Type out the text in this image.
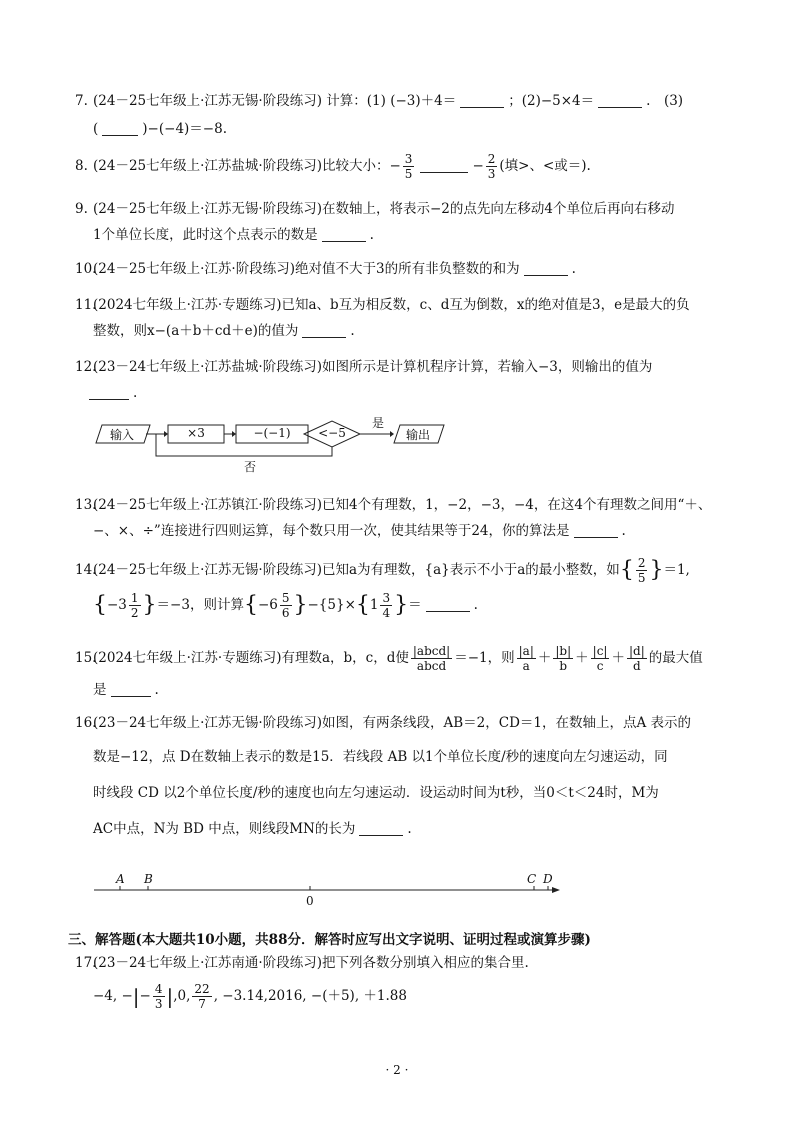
7. (24－25七年级上·江苏无锡·阶段练习) 计算：(1) (−3)＋4＝	；(2)−5×4＝	.　(3)
(	)−(−4)＝−8.
8. (24－25七年级上·江苏盐城·阶段练习)比较大小：− $\frac{3}{5}$	− $\frac{2}{3}$ (填>、<或＝).
9. (24－25七年级上·江苏无锡·阶段练习)在数轴上，将表示−2的点先向左移动4个单位后再向右移动
1个单位长度，此时这个点表示的数是	.
10.(24－25七年级上·江苏·阶段练习)绝对值不大于3的所有非负整数的和为	.
11.(2024七年级上·江苏·专题练习)已知a、b互为相反数，c、d互为倒数，x的绝对值是3，e是最大的负
整数，则x−(a＋b＋cd＋e)的值为	.
12.(23－24七年级上·江苏盐城·阶段练习)如图所示是计算机程序计算，若输入−3，则输出的值为
.
输入	×3	−(−1)	<−5
是
输出
否
13.(24－25七年级上·江苏镇江·阶段练习)已知4个有理数，1，−2，−3，−4，在这4个有理数之间用“＋、
−、×、÷”连接进行四则运算，每个数只用一次，使其结果等于24，你的算法是	.
14.(24－25七年级上·江苏无锡·阶段练习)已知a为有理数，{a}表示不小于a的最小整数，如{ $\frac{2}{5} \}=1$,
$\{-3 \frac{1}{2} \}=-3$，则计算$\{-6 \frac{5}{6} \}-\{5\}\times\{1 \frac{3}{4}$ }＝	.
15.(2024七年级上·江苏·专题练习)有理数a，b，c，d使 $\frac{\text{|abcd|}}{\text{abcd}} =-1$，则 $\frac{|a|}{a} + \frac{|b|}{b} + \frac{|c|}{c} + \frac{|d|}{d}$ 的最大值
是	.
16.(23－24七年级上·江苏无锡·阶段练习)如图，有两条线段，AB＝2，CD＝1，在数轴上，点A 表示的
数是−12，点 D在数轴上表示的数是15．若线段 AB 以1个单位长度/秒的速度向左匀速运动，同
时线段 CD 以2个单位长度/秒的速度也向左匀速运动．设运动时间为t秒，当0＜t＜24时，M为
AC中点，N为 BD 中点，则线段MN的长为	.
A B
0
C D
三、解答题(本大题共10小题，共88分．解答时应写出文字说明、证明过程或演算步骤)
17.(23－24七年级上·江苏南通·阶段练习)把下列各数分别填入相应的集合里.
−4, −|− $\frac{4}{3} |,0$, $\frac{22}{7}$ , −3.14,2016, −(＋5), ＋1.88
· 2 ·
